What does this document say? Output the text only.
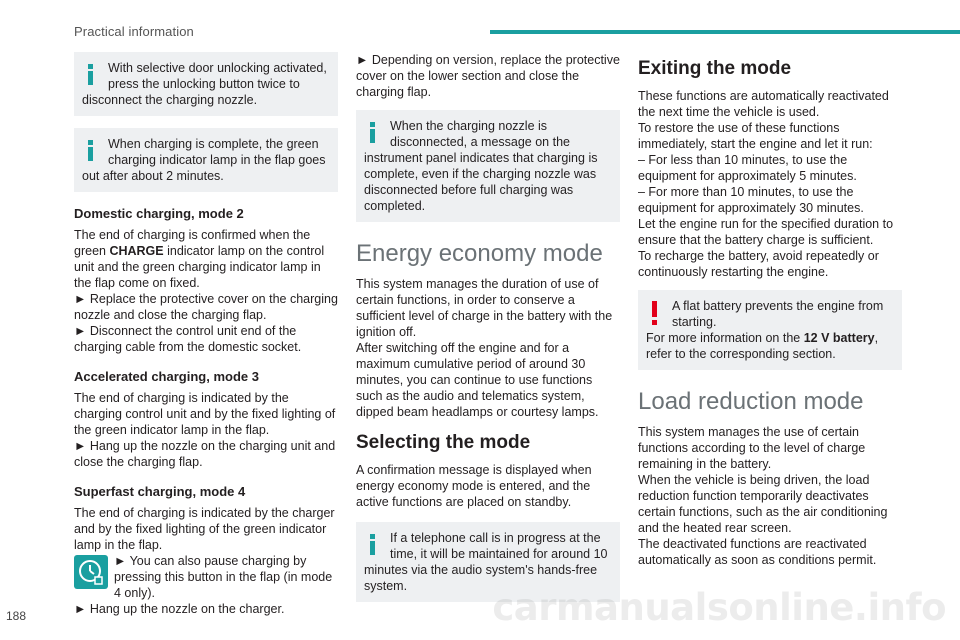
Practical information
With selective door unlocking activated, press the unlocking button twice to disconnect the charging nozzle.
When charging is complete, the green charging indicator lamp in the flap goes out after about 2 minutes.
Domestic charging, mode 2
The end of charging is confirmed when the green CHARGE indicator lamp on the control unit and the green charging indicator lamp in the flap come on fixed.
► Replace the protective cover on the charging nozzle and close the charging flap.
► Disconnect the control unit end of the charging cable from the domestic socket.
Accelerated charging, mode 3
The end of charging is indicated by the charging control unit and by the fixed lighting of the green indicator lamp in the flap.
► Hang up the nozzle on the charging unit and close the charging flap.
Superfast charging, mode 4
The end of charging is indicated by the charger and by the fixed lighting of the green indicator lamp in the flap.
► You can also pause charging by pressing this button in the flap (in mode 4 only).
► Hang up the nozzle on the charger.
► Depending on version, replace the protective cover on the lower section and close the charging flap.
When the charging nozzle is disconnected, a message on the instrument panel indicates that charging is complete, even if the charging nozzle was disconnected before full charging was completed.
Energy economy mode
This system manages the duration of use of certain functions, in order to conserve a sufficient level of charge in the battery with the ignition off.
After switching off the engine and for a maximum cumulative period of around 30 minutes, you can continue to use functions such as the audio and telematics system, dipped beam headlamps or courtesy lamps.
Selecting the mode
A confirmation message is displayed when energy economy mode is entered, and the active functions are placed on standby.
If a telephone call is in progress at the time, it will be maintained for around 10 minutes via the audio system's hands-free system.
Exiting the mode
These functions are automatically reactivated the next time the vehicle is used.
To restore the use of these functions immediately, start the engine and let it run:
– For less than 10 minutes, to use the equipment for approximately 5 minutes.
– For more than 10 minutes, to use the equipment for approximately 30 minutes.
Let the engine run for the specified duration to ensure that the battery charge is sufficient.
To recharge the battery, avoid repeatedly or continuously restarting the engine.
A flat battery prevents the engine from starting.
For more information on the 12 V battery, refer to the corresponding section.
Load reduction mode
This system manages the use of certain functions according to the level of charge remaining in the battery.
When the vehicle is being driven, the load reduction function temporarily deactivates certain functions, such as the air conditioning and the heated rear screen.
The deactivated functions are reactivated automatically as soon as conditions permit.
188	carmanualsonline.info
